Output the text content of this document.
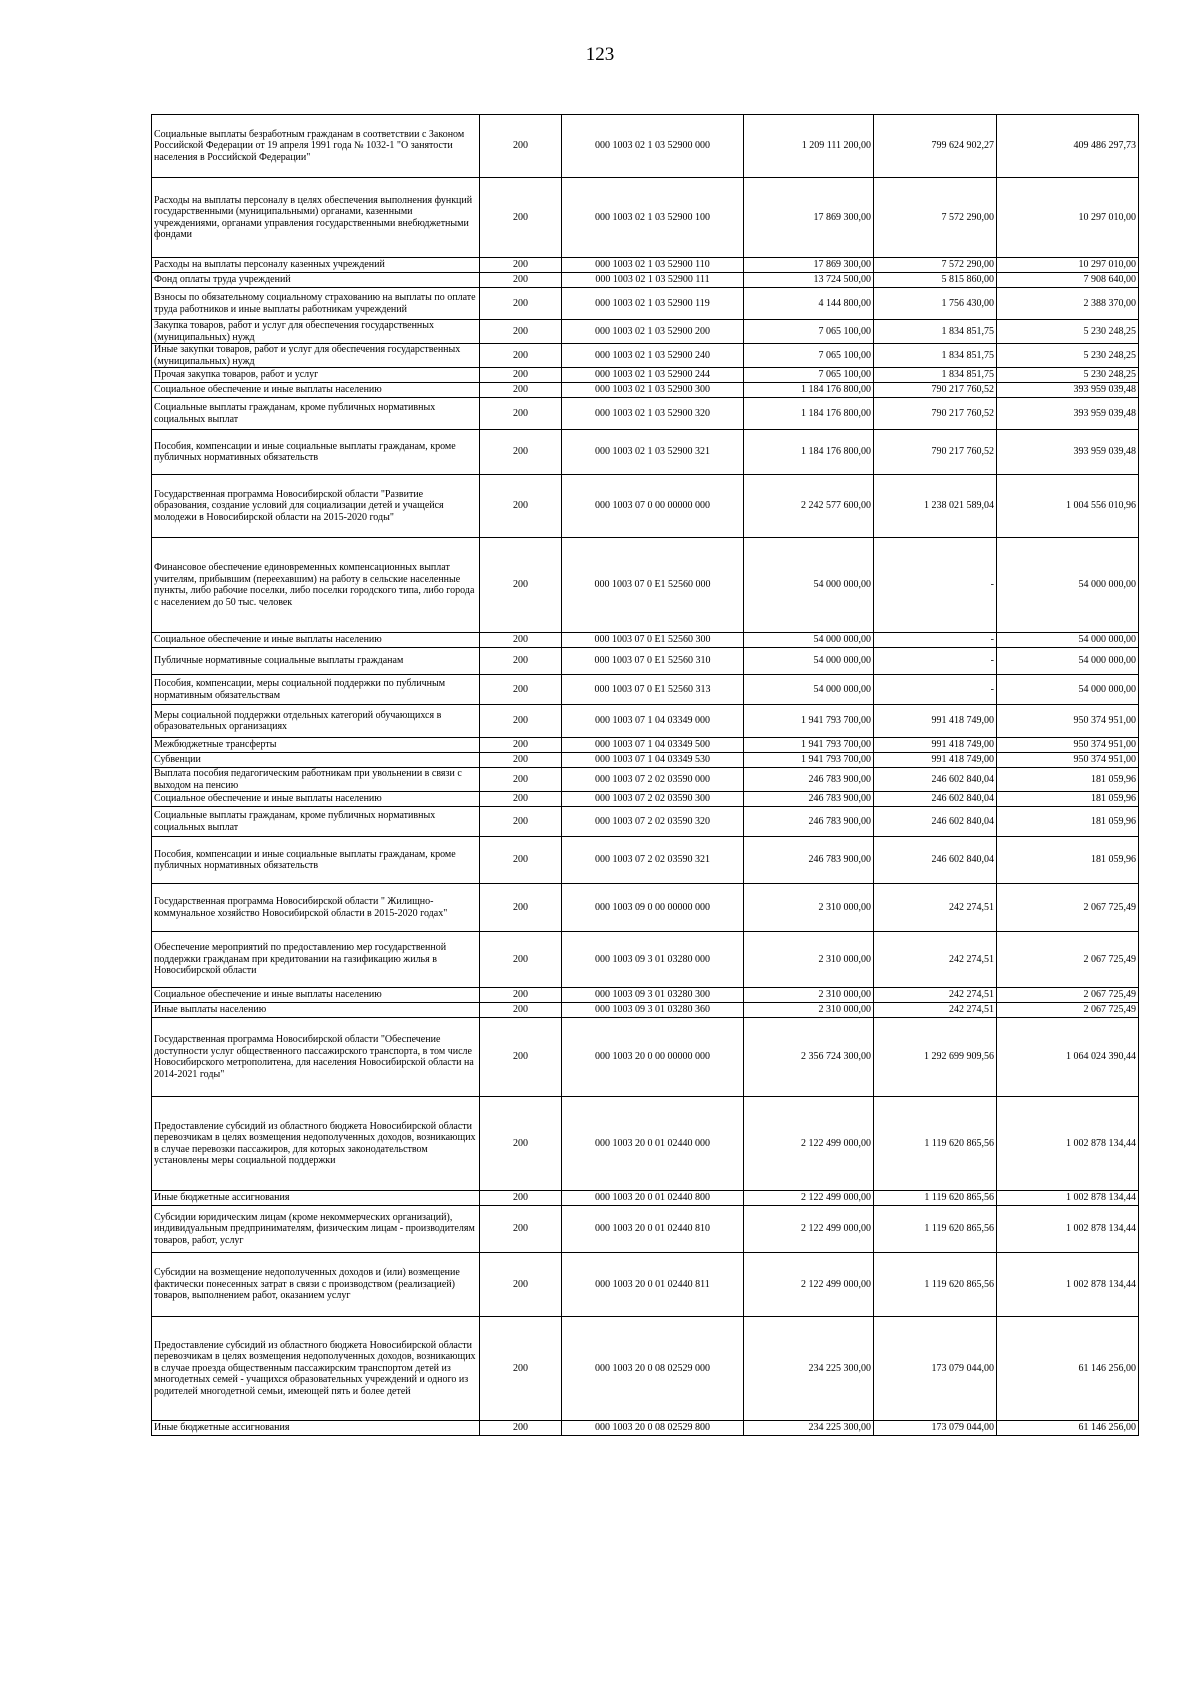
123
Социальные выплаты безработным гражданам в соответствии с Законом Российской Федерации от 19 апреля 1991 года № 1032-1 "О занятости населения в Российской Федерации"	200	000 1003 02 1 03 52900 000	1 209 111 200,00	799 624 902,27	409 486 297,73
Расходы на выплаты персоналу в целях обеспечения выполнения функций государственными (муниципальными) органами, казенными учреждениями, органами управления государственными внебюджетными фондами	200	000 1003 02 1 03 52900 100	17 869 300,00	7 572 290,00	10 297 010,00
Расходы на выплаты персоналу казенных учреждений	200	000 1003 02 1 03 52900 110	17 869 300,00	7 572 290,00	10 297 010,00
Фонд оплаты труда учреждений	200	000 1003 02 1 03 52900 111	13 724 500,00	5 815 860,00	7 908 640,00
Взносы по обязательному социальному страхованию на выплаты по оплате труда работников и иные выплаты работникам учреждений	200	000 1003 02 1 03 52900 119	4 144 800,00	1 756 430,00	2 388 370,00
Закупка товаров, работ и услуг для обеспечения государственных (муниципальных) нужд	200	000 1003 02 1 03 52900 200	7 065 100,00	1 834 851,75	5 230 248,25
Иные закупки товаров, работ и услуг для обеспечения государственных (муниципальных) нужд	200	000 1003 02 1 03 52900 240	7 065 100,00	1 834 851,75	5 230 248,25
Прочая закупка товаров, работ и услуг	200	000 1003 02 1 03 52900 244	7 065 100,00	1 834 851,75	5 230 248,25
Социальное обеспечение и иные выплаты населению	200	000 1003 02 1 03 52900 300	1 184 176 800,00	790 217 760,52	393 959 039,48
Социальные выплаты гражданам, кроме публичных нормативных социальных выплат	200	000 1003 02 1 03 52900 320	1 184 176 800,00	790 217 760,52	393 959 039,48
Пособия, компенсации и иные социальные выплаты гражданам, кроме публичных нормативных обязательств	200	000 1003 02 1 03 52900 321	1 184 176 800,00	790 217 760,52	393 959 039,48
Государственная программа Новосибирской области "Развитие образования, создание условий для социализации детей и учащейся молодежи в Новосибирской области на 2015-2020 годы"	200	000 1003 07 0 00 00000 000	2 242 577 600,00	1 238 021 589,04	1 004 556 010,96
Финансовое обеспечение единовременных компенсационных выплат учителям, прибывшим (переехавшим) на работу в сельские населенные пункты, либо рабочие поселки, либо поселки городского типа, либо города с населением до 50 тыс. человек	200	000 1003 07 0 E1 52560 000	54 000 000,00	-	54 000 000,00
Социальное обеспечение и иные выплаты населению	200	000 1003 07 0 E1 52560 300	54 000 000,00	-	54 000 000,00
Публичные нормативные социальные выплаты гражданам	200	000 1003 07 0 E1 52560 310	54 000 000,00	-	54 000 000,00
Пособия, компенсации, меры социальной поддержки по публичным нормативным обязательствам	200	000 1003 07 0 E1 52560 313	54 000 000,00	-	54 000 000,00
Меры социальной поддержки отдельных категорий обучающихся в образовательных организациях	200	000 1003 07 1 04 03349 000	1 941 793 700,00	991 418 749,00	950 374 951,00
Межбюджетные трансферты	200	000 1003 07 1 04 03349 500	1 941 793 700,00	991 418 749,00	950 374 951,00
Субвенции	200	000 1003 07 1 04 03349 530	1 941 793 700,00	991 418 749,00	950 374 951,00
Выплата пособия педагогическим работникам при увольнении в связи с выходом на пенсию	200	000 1003 07 2 02 03590 000	246 783 900,00	246 602 840,04	181 059,96
Социальное обеспечение и иные выплаты населению	200	000 1003 07 2 02 03590 300	246 783 900,00	246 602 840,04	181 059,96
Социальные выплаты гражданам, кроме публичных нормативных социальных выплат	200	000 1003 07 2 02 03590 320	246 783 900,00	246 602 840,04	181 059,96
Пособия, компенсации и иные социальные выплаты гражданам, кроме публичных нормативных обязательств	200	000 1003 07 2 02 03590 321	246 783 900,00	246 602 840,04	181 059,96
Государственная программа Новосибирской области " Жилищно-коммунальное хозяйство Новосибирской области в 2015-2020 годах"	200	000 1003 09 0 00 00000 000	2 310 000,00	242 274,51	2 067 725,49
Обеспечение мероприятий по предоставлению мер государственной поддержки гражданам при кредитовании на газификацию жилья в Новосибирской области	200	000 1003 09 3 01 03280 000	2 310 000,00	242 274,51	2 067 725,49
Социальное обеспечение и иные выплаты населению	200	000 1003 09 3 01 03280 300	2 310 000,00	242 274,51	2 067 725,49
Иные выплаты населению	200	000 1003 09 3 01 03280 360	2 310 000,00	242 274,51	2 067 725,49
Государственная программа Новосибирской области "Обеспечение доступности услуг общественного пассажирского транспорта, в том числе Новосибирского метрополитена, для населения Новосибирской области на 2014-2021 годы"	200	000 1003 20 0 00 00000 000	2 356 724 300,00	1 292 699 909,56	1 064 024 390,44
Предоставление субсидий из областного бюджета Новосибирской области перевозчикам в целях возмещения недополученных доходов, возникающих в случае перевозки пассажиров, для которых законодательством установлены меры социальной поддержки	200	000 1003 20 0 01 02440 000	2 122 499 000,00	1 119 620 865,56	1 002 878 134,44
Иные бюджетные ассигнования	200	000 1003 20 0 01 02440 800	2 122 499 000,00	1 119 620 865,56	1 002 878 134,44
Субсидии юридическим лицам (кроме некоммерческих организаций), индивидуальным предпринимателям, физическим лицам - производителям товаров, работ, услуг	200	000 1003 20 0 01 02440 810	2 122 499 000,00	1 119 620 865,56	1 002 878 134,44
Субсидии на возмещение недополученных доходов и (или) возмещение фактически понесенных затрат в связи с производством (реализацией) товаров, выполнением работ, оказанием услуг	200	000 1003 20 0 01 02440 811	2 122 499 000,00	1 119 620 865,56	1 002 878 134,44
Предоставление субсидий из областного бюджета Новосибирской области перевозчикам в целях возмещения недополученных доходов, возникающих в случае проезда общественным пассажирским транспортом детей из многодетных семей - учащихся образовательных учреждений и одного из родителей многодетной семьи, имеющей пять и более детей	200	000 1003 20 0 08 02529 000	234 225 300,00	173 079 044,00	61 146 256,00
Иные бюджетные ассигнования	200	000 1003 20 0 08 02529 800	234 225 300,00	173 079 044,00	61 146 256,00
